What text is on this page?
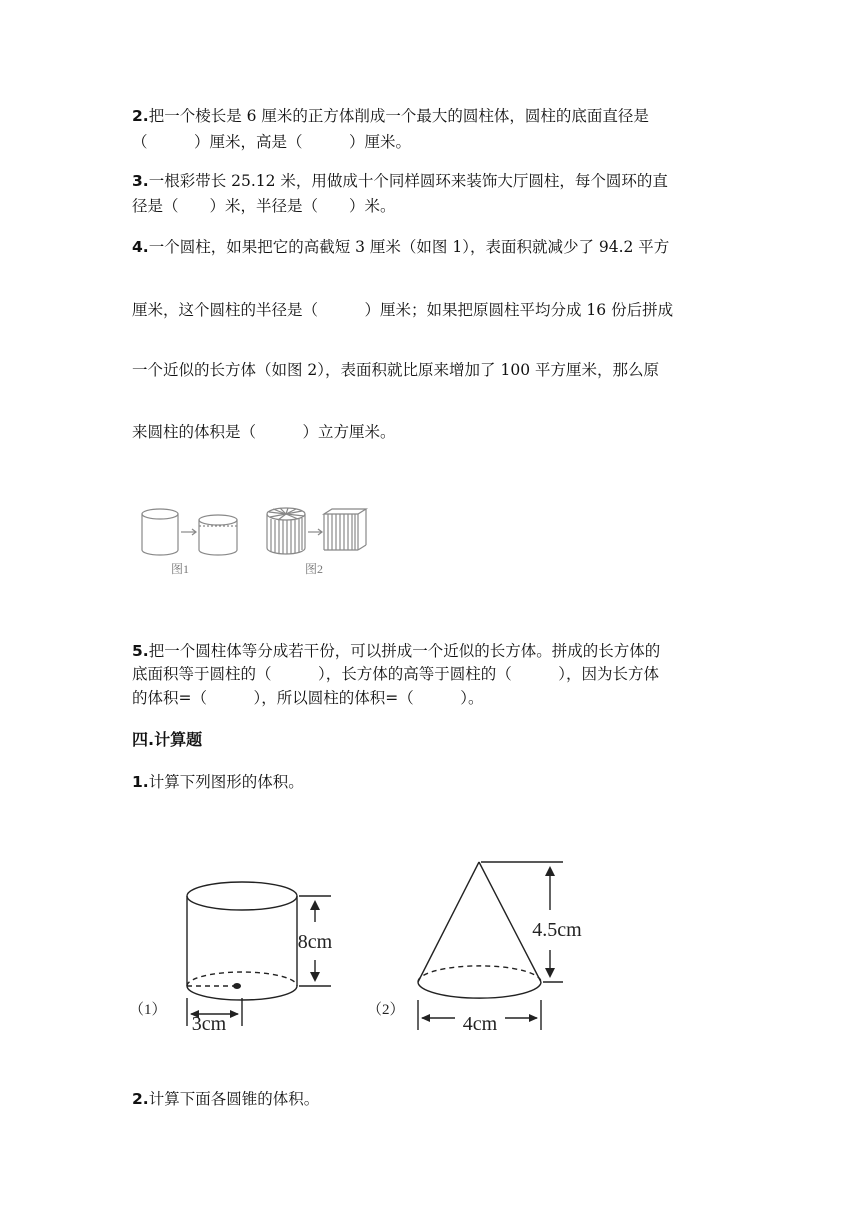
2.把一个棱长是 6 厘米的正方体削成一个最大的圆柱体，圆柱的底面直径是
（　　　）厘米，高是（　　　）厘米。
3.一根彩带长 25.12 米，用做成十个同样圆环来装饰大厅圆柱，每个圆环的直
径是（　　）米，半径是（　　）米。
4.一个圆柱，如果把它的高截短 3 厘米（如图 1），表面积就减少了 94.2 平方
厘米，这个圆柱的半径是（　　　）厘米；如果把原圆柱平均分成 16 份后拼成
一个近似的长方体（如图 2），表面积就比原来增加了 100 平方厘米，那么原
来圆柱的体积是（　　　）立方厘米。
图1	图2
5.把一个圆柱体等分成若干份，可以拼成一个近似的长方体。拼成的长方体的
底面积等于圆柱的（　　　），长方体的高等于圆柱的（　　　），因为长方体
的体积=（　　　），所以圆柱的体积=（　　　）。
四.计算题
1.计算下列图形的体积。
8cm
3cm
（1）
4.5cm
4cm
（2）
2.计算下面各圆锥的体积。
